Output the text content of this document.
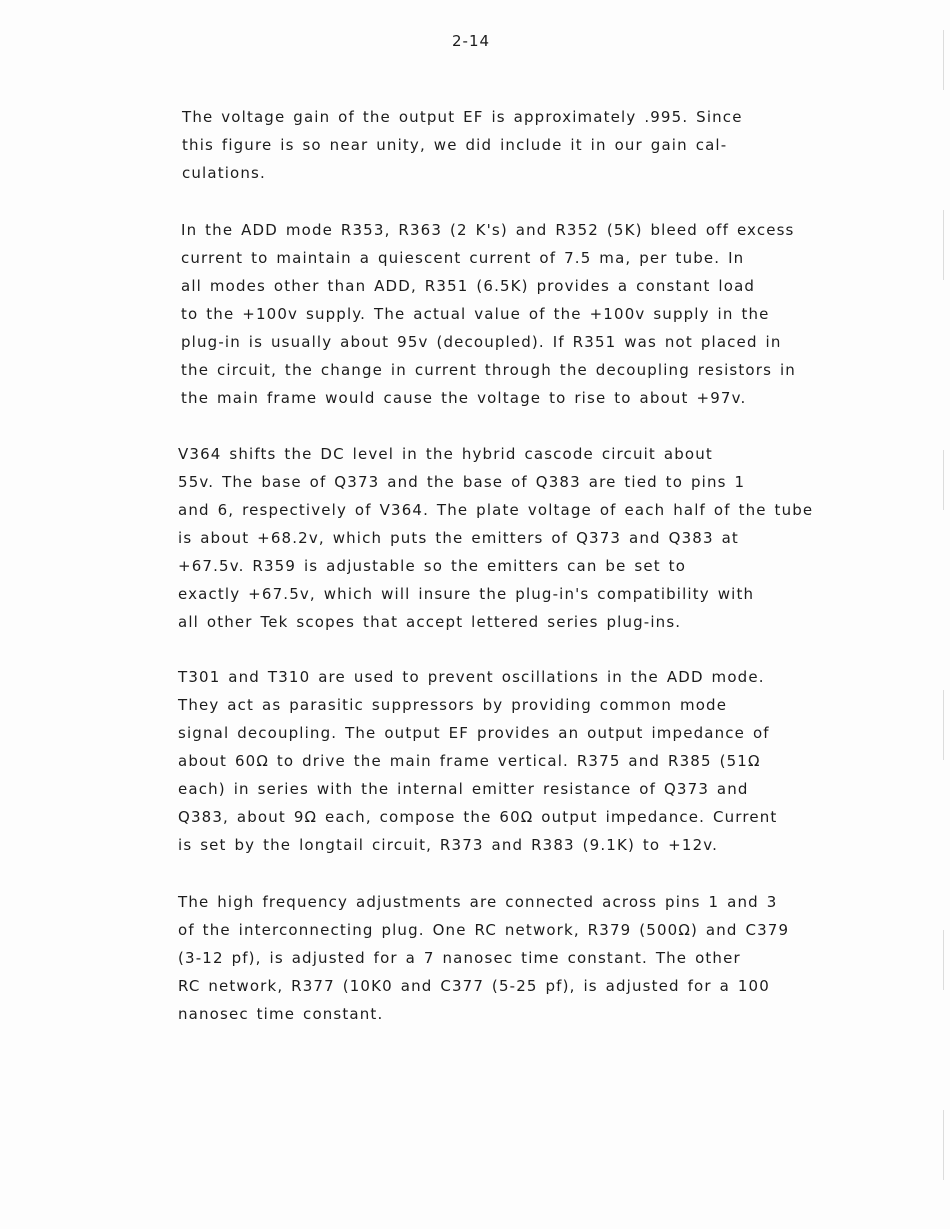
2-14
The voltage gain of the output EF is approximately .995. Since
this figure is so near unity, we did include it in our gain cal-
culations.
In the ADD mode R353, R363 (2 K's) and R352 (5K) bleed off excess
current to maintain a quiescent current of 7.5 ma, per tube. In
all modes other than ADD, R351 (6.5K) provides a constant load
to the +100v supply. The actual value of the +100v supply in the
plug-in is usually about 95v (decoupled). If R351 was not placed in
the circuit, the change in current through the decoupling resistors in
the main frame would cause the voltage to rise to about +97v.
V364 shifts the DC level in the hybrid cascode circuit about
55v. The base of Q373 and the base of Q383 are tied to pins 1
and 6, respectively of V364. The plate voltage of each half of the tube
is about +68.2v, which puts the emitters of Q373 and Q383 at
+67.5v. R359 is adjustable so the emitters can be set to
exactly +67.5v, which will insure the plug-in's compatibility with
all other Tek scopes that accept lettered series plug-ins.
T301 and T310 are used to prevent oscillations in the ADD mode.
They act as parasitic suppressors by providing common mode
signal decoupling. The output EF provides an output impedance of
about 60Ω to drive the main frame vertical. R375 and R385 (51Ω
each) in series with the internal emitter resistance of Q373 and
Q383, about 9Ω each, compose the 60Ω output impedance. Current
is set by the longtail circuit, R373 and R383 (9.1K) to +12v.
The high frequency adjustments are connected across pins 1 and 3
of the interconnecting plug. One RC network, R379 (500Ω) and C379
(3-12 pf), is adjusted for a 7 nanosec time constant. The other
RC network, R377 (10K0 and C377 (5-25 pf), is adjusted for a 100
nanosec time constant.
